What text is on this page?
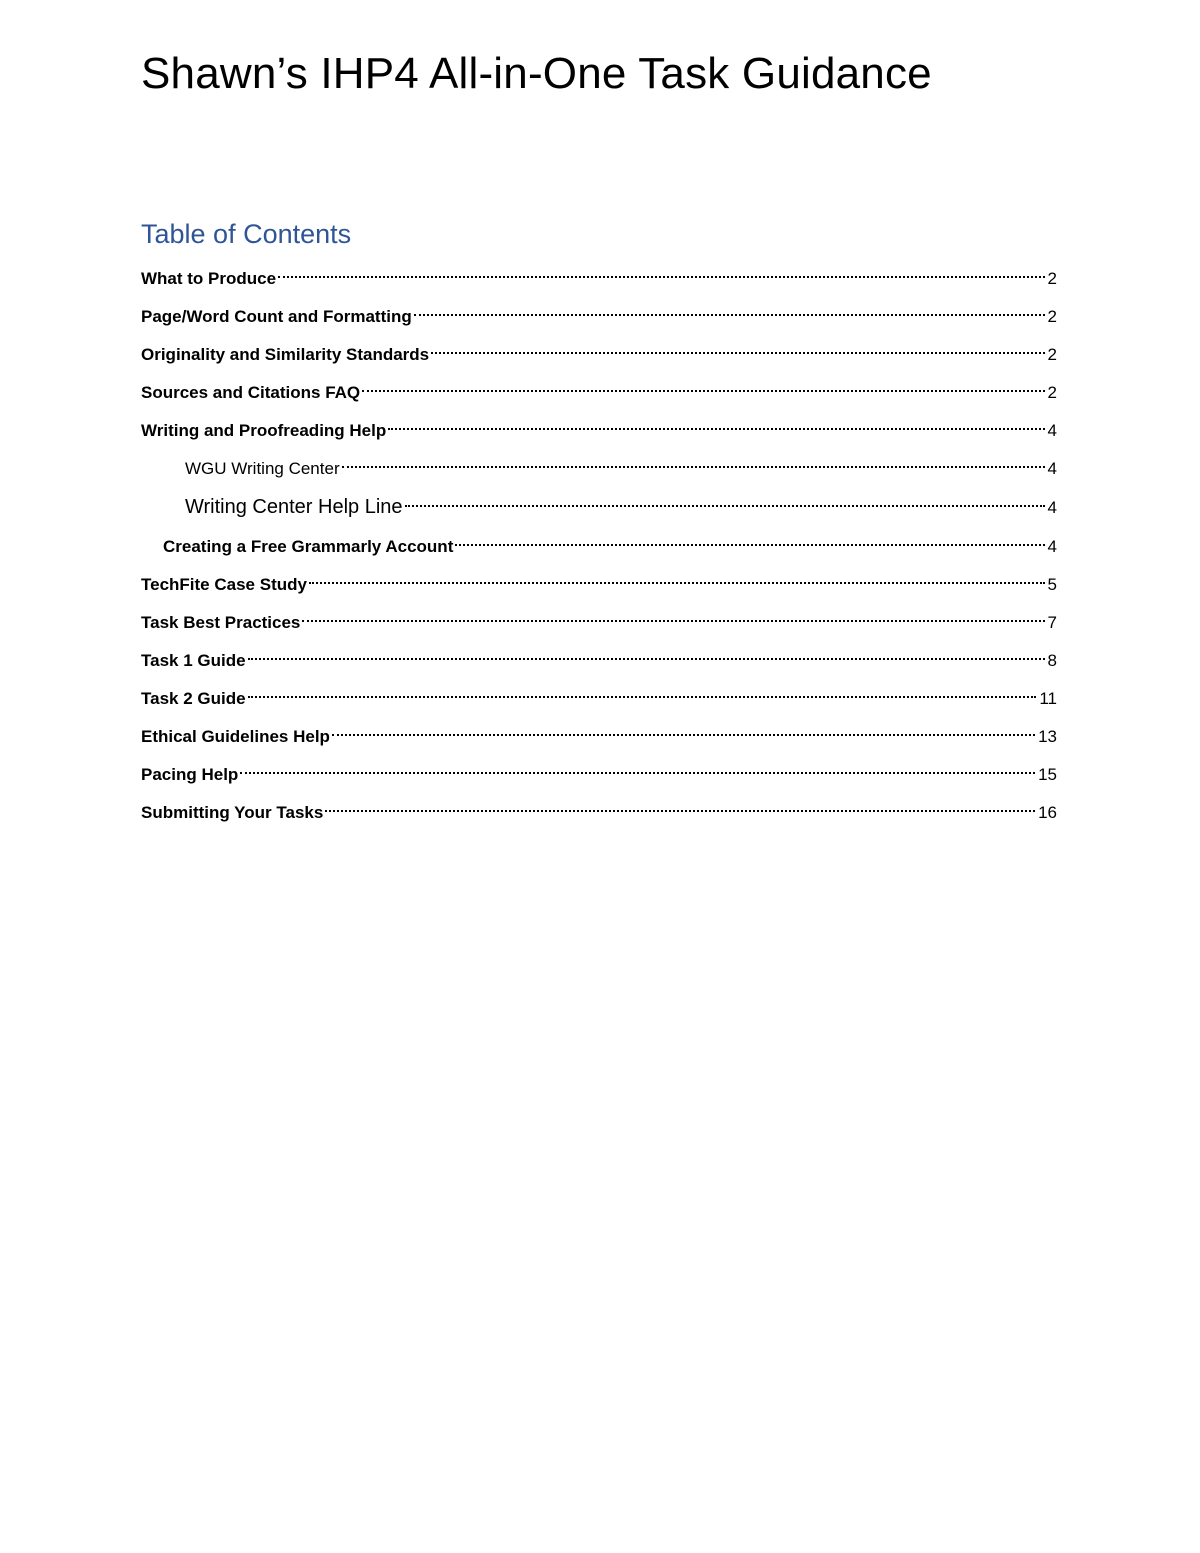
Shawn’s IHP4 All-in-One Task Guidance
Table of Contents
What to Produce	2
Page/Word Count and Formatting	2
Originality and Similarity Standards	2
Sources and Citations FAQ	2
Writing and Proofreading Help	4
WGU Writing Center	4
Writing Center Help Line	4
Creating a Free Grammarly Account	4
TechFite Case Study	5
Task Best Practices	7
Task 1 Guide	8
Task 2 Guide	11
Ethical Guidelines Help	13
Pacing Help	15
Submitting Your Tasks	16
